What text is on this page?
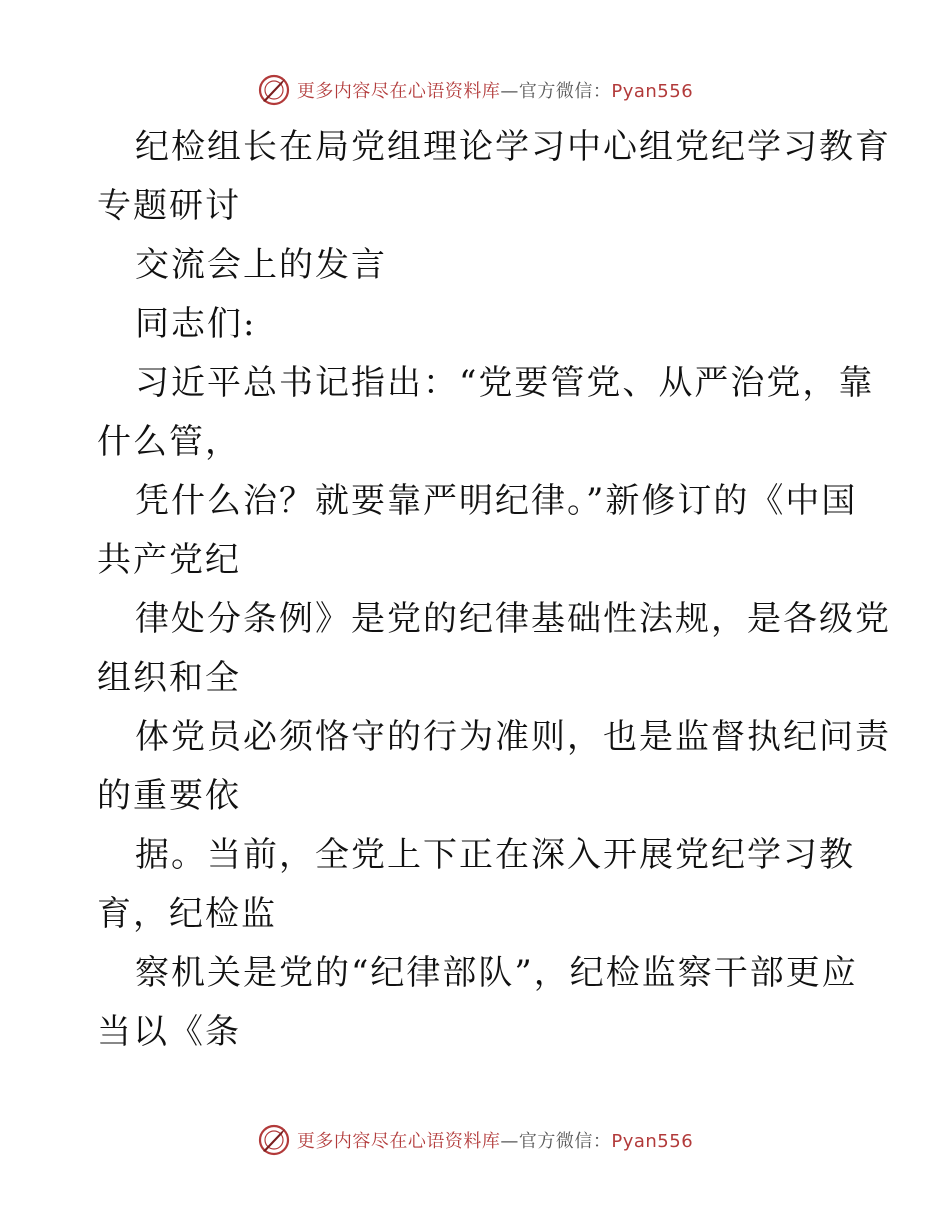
更多内容尽在心语资料库—官方微信：Pyan556
纪检组长在局党组理论学习中心组党纪学习教育
专题研讨
交流会上的发言
同志们:
习近平总书记指出：“党要管党、从严治党，靠
什么管，
凭什么治？就要靠严明纪律。”新修订的《中国
共产党纪
律处分条例》是党的纪律基础性法规，是各级党
组织和全
体党员必须恪守的行为准则，也是监督执纪问责
的重要依
据。当前，全党上下正在深入开展党纪学习教
育，纪检监
察机关是党的“纪律部队”，纪检监察干部更应
当以《条
更多内容尽在心语资料库—官方微信：Pyan556
